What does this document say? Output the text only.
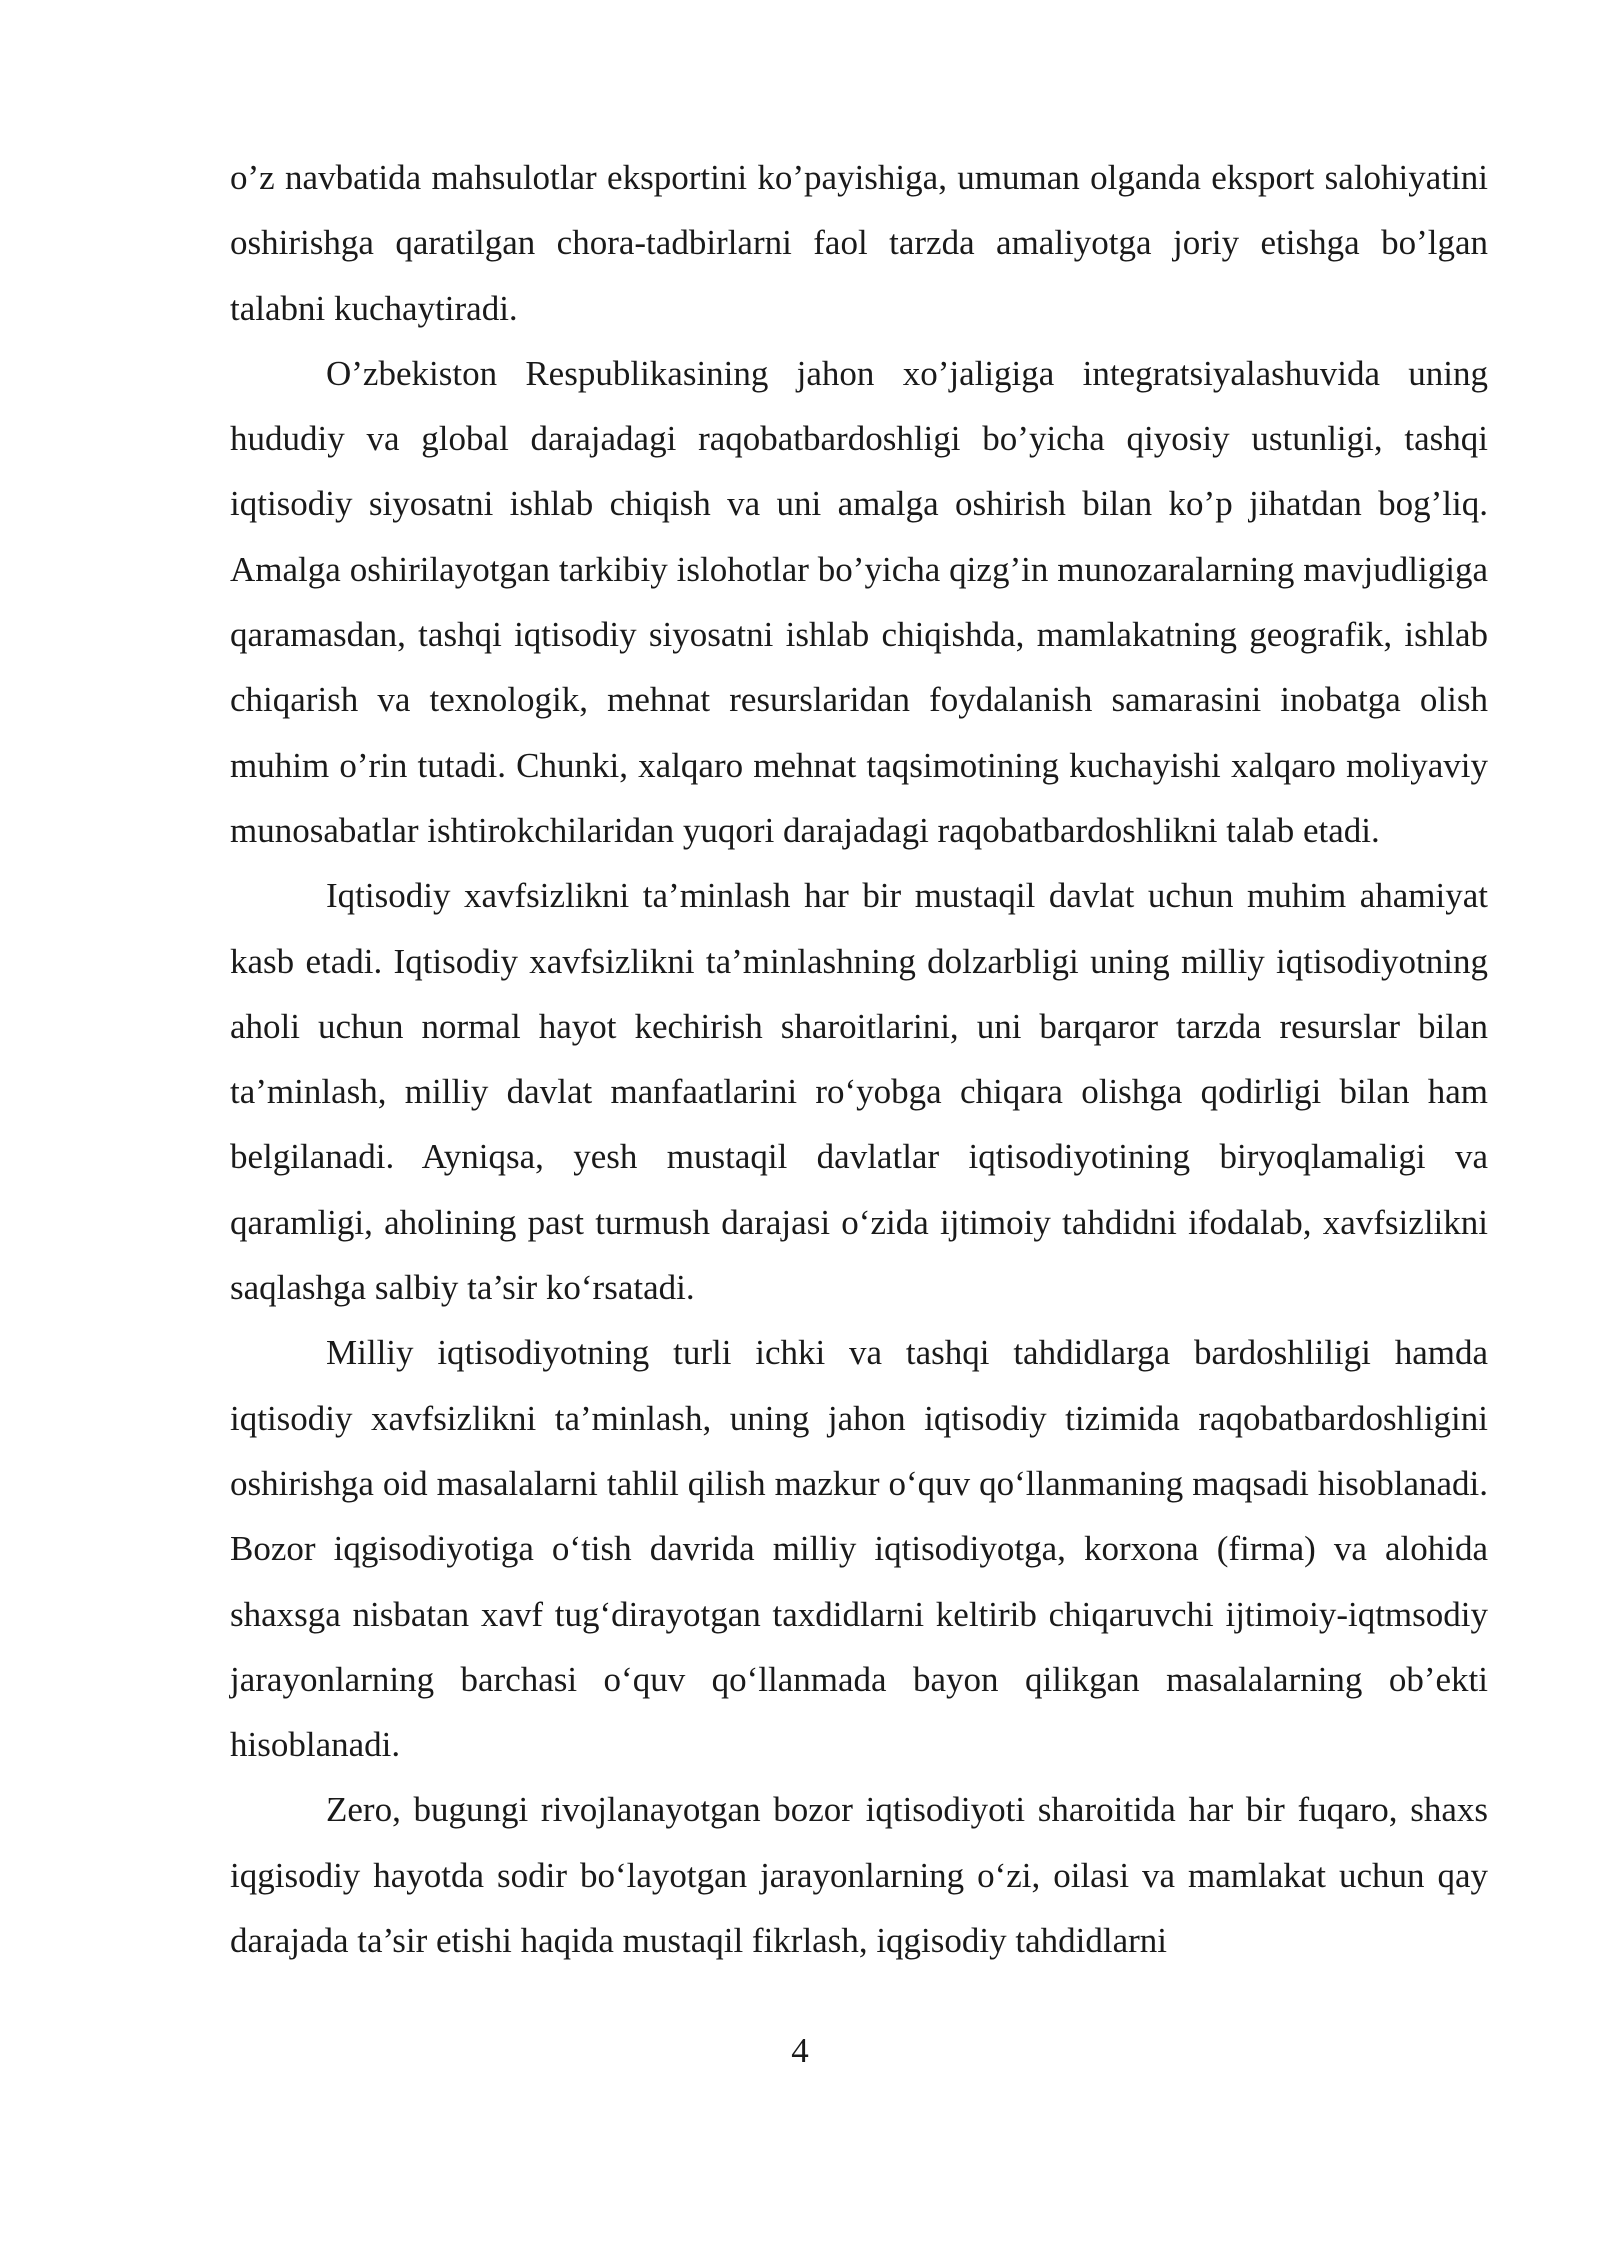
o’z navbatida mahsulotlar eksportini ko’payishiga, umuman olganda eksport salohiyatini oshirishga qaratilgan chora-tadbirlarni faol tarzda amaliyotga joriy etishga bo’lgan talabni kuchaytiradi.

O’zbekiston Respublikasining jahon xo’jaligiga integratsiyalashuvida uning hududiy va global darajadagi raqobatbardoshligi bo’yicha qiyosiy ustunligi, tashqi iqtisodiy siyosatni ishlab chiqish va uni amalga oshirish bilan ko’p jihatdan bog’liq. Amalga oshirilayotgan tarkibiy islohotlar bo’yicha qizg’in munozaralarning mavjudligiga qaramasdan, tashqi iqtisodiy siyosatni ishlab chiqishda, mamlakatning geografik, ishlab chiqarish va texnologik, mehnat resurslaridan foydalanish samarasini inobatga olish muhim o’rin tutadi. Chunki, xalqaro mehnat taqsimotining kuchayishi xalqaro moliyaviy munosabatlar ishtirokchilaridan yuqori darajadagi raqobatbardoshlikni talab etadi.

Iqtisodiy xavfsizlikni ta’minlash har bir mustaqil davlat uchun muhim ahamiyat kasb etadi. Iqtisodiy xavfsizlikni ta’minlashning dolzarbligi uning milliy iqtisodiyotning aholi uchun normal hayot kechirish sharoitlarini, uni barqaror tarzda resurslar bilan ta’minlash, milliy davlat manfaatlarini ro‘yobga chiqara olishga qodirligi bilan ham belgilanadi. Ayniqsa, yesh mustaqil davlatlar iqtisodiyotining biryoqlamaligi va qaramligi, aholining past turmush darajasi o‘zida ijtimoiy tahdidni ifodalab, xavfsizlikni saqlashga salbiy ta’sir ko‘rsatadi.

Milliy iqtisodiyotning turli ichki va tashqi tahdidlarga bardoshliligi hamda iqtisodiy xavfsizlikni ta’minlash, uning jahon iqtisodiy tizimida raqobatbardoshligini oshirishga oid masalalarni tahlil qilish mazkur o‘quv qo‘llanmaning maqsadi hisoblanadi. Bozor iqgisodiyotiga o‘tish davrida milliy iqtisodiyotga, korxona (firma) va alohida shaxsga nisbatan xavf tug‘dirayotgan taxdidlarni keltirib chiqaruvchi ijtimoiy-iqtmsodiy jarayonlarning barchasi o‘quv qo‘llanmada bayon qilikgan masalalarning ob’ekti hisoblanadi.

Zero, bugungi rivojlanayotgan bozor iqtisodiyoti sharoitida har bir fuqaro, shaxs iqgisodiy hayotda sodir bo‘layotgan jarayonlarning o‘zi, oilasi va mamlakat uchun qay darajada ta’sir etishi haqida mustaqil fikrlash, iqgisodiy tahdidlarni

4
